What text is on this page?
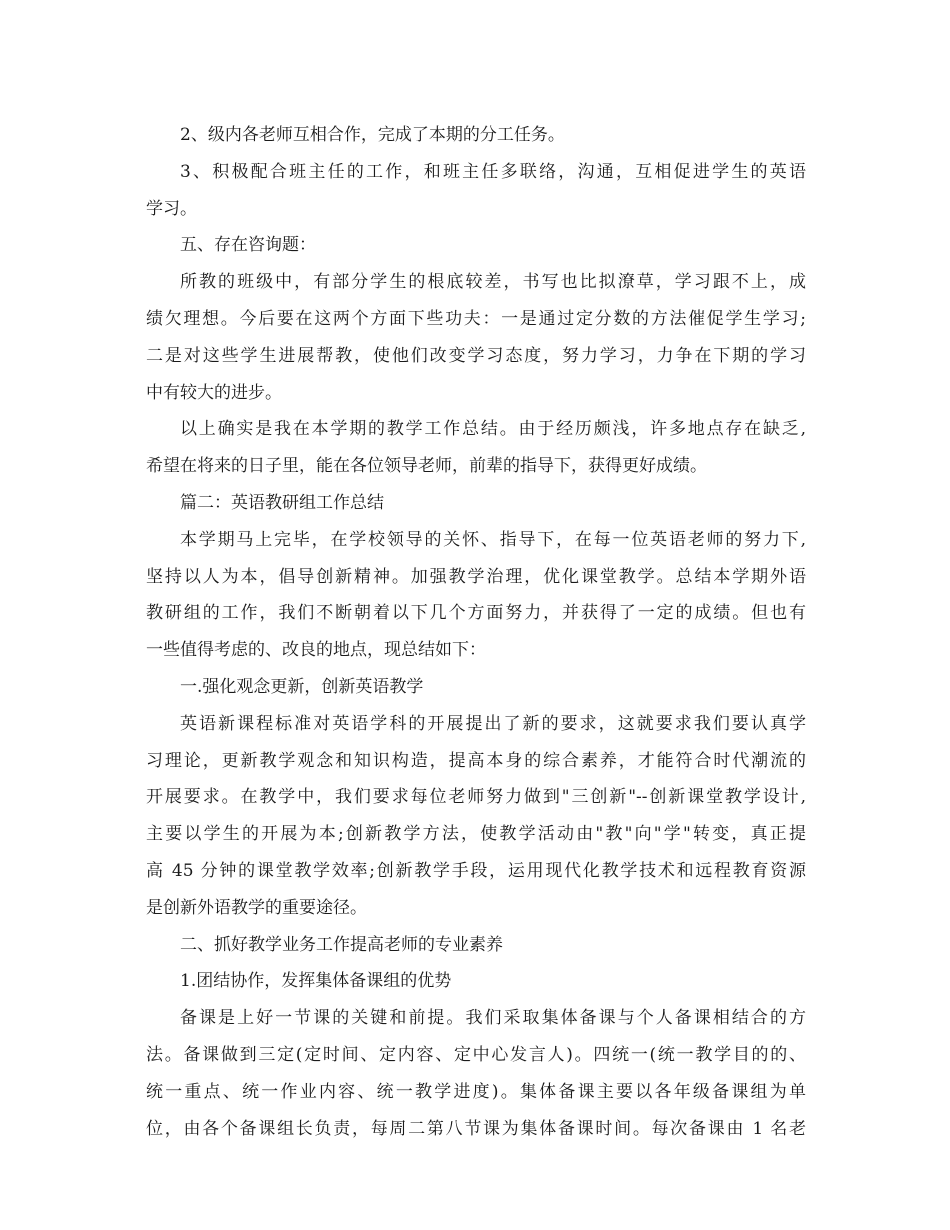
2、级内各老师互相合作，完成了本期的分工任务。
3、积极配合班主任的工作，和班主任多联络，沟通，互相促进学生的英语
学习。
五、存在咨询题：
所教的班级中，有部分学生的根底较差，书写也比拟潦草，学习跟不上，成
绩欠理想。今后要在这两个方面下些功夫：一是通过定分数的方法催促学生学习;
二是对这些学生进展帮教，使他们改变学习态度，努力学习，力争在下期的学习
中有较大的进步。
以上确实是我在本学期的教学工作总结。由于经历颇浅，许多地点存在缺乏,
希望在将来的日子里，能在各位领导老师，前辈的指导下，获得更好成绩。
篇二：英语教研组工作总结
本学期马上完毕，在学校领导的关怀、指导下，在每一位英语老师的努力下,
坚持以人为本，倡导创新精神。加强教学治理，优化课堂教学。总结本学期外语
教研组的工作，我们不断朝着以下几个方面努力，并获得了一定的成绩。但也有
一些值得考虑的、改良的地点，现总结如下：
一.强化观念更新，创新英语教学
英语新课程标准对英语学科的开展提出了新的要求，这就要求我们要认真学
习理论，更新教学观念和知识构造，提高本身的综合素养，才能符合时代潮流的
开展要求。在教学中，我们要求每位老师努力做到"三创新"--创新课堂教学设计,
主要以学生的开展为本;创新教学方法，使教学活动由"教"向"学"转变，真正提
高 45 分钟的课堂教学效率;创新教学手段，运用现代化教学技术和远程教育资源
是创新外语教学的重要途径。
二、抓好教学业务工作提高老师的专业素养
1.团结协作，发挥集体备课组的优势
备课是上好一节课的关键和前提。我们采取集体备课与个人备课相结合的方
法。备课做到三定(定时间、定内容、定中心发言人)。四统一(统一教学目的的、
统一重点、统一作业内容、统一教学进度)。集体备课主要以各年级备课组为单
位，由各个备课组长负责，每周二第八节课为集体备课时间。每次备课由 1 名老
